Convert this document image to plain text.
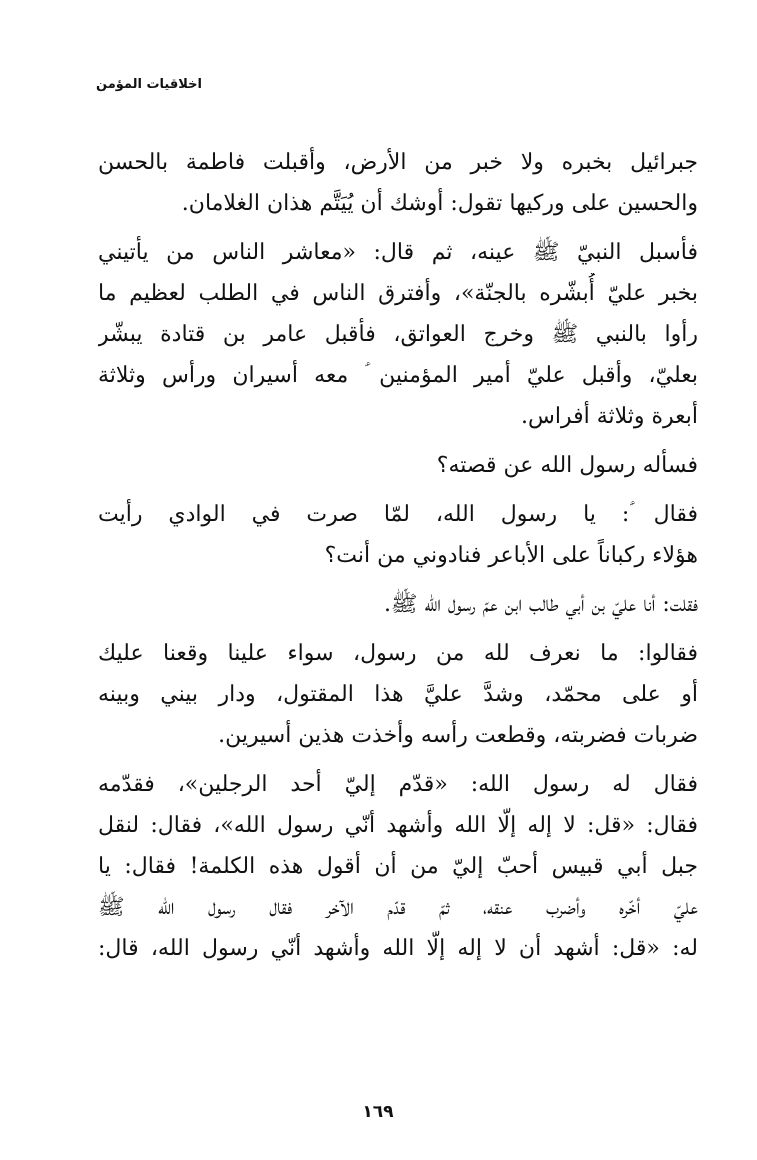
اخلاقيات المؤمن
جبرائيل بخبره ولا خبر من الأرض، وأقبلت فاطمة بالحسن
والحسين على وركيها تقول: أوشك أن يُيَتَّم هذان الغلامان.
فأسبل النبيّ ﷺ عينه، ثم قال: «معاشر الناس من يأتيني
بخبر عليّ أُبشّره بالجنّة»، وأفترق الناس في الطلب لعظيم ما
رأوا بالنبي ﷺ وخرج العواتق، فأقبل عامر بن قتادة يبشّر
بعليّ، وأقبل عليّ أمير المؤمنين ؑ معه أسيران ورأس وثلاثة
أبعرة وثلاثة أفراس.
فسأله رسول الله عن قصته؟
فقال ؑ: يا رسول الله، لمّا صرت في الوادي رأيت
هؤلاء ركباناً على الأباعر فنادوني من أنت؟
فقلت: أنا عليّ بن أبي طالب ابن عمّ رسول الله ﷺ.
فقالوا: ما نعرف لله من رسول، سواء علينا وقعنا عليك
أو على محمّد، وشدَّ عليَّ هذا المقتول، ودار بيني وبينه
ضربات فضربته، وقطعت رأسه وأخذت هذين أسيرين.
فقال له رسول الله: «قدّم إليّ أحد الرجلين»، فقدّمه
فقال: «قل: لا إله إلّا الله وأشهد أنّي رسول الله»، فقال: لنقل
جبل أبي قبيس أحبّ إليّ من أن أقول هذه الكلمة! فقال: يا
عليّ أخّره وأضرب عنقه، ثمّ قدّم الآخر فقال رسول الله ﷺ
له: «قل: أشهد أن لا إله إلّا الله وأشهد أنّي رسول الله، قال:
١٦٩
